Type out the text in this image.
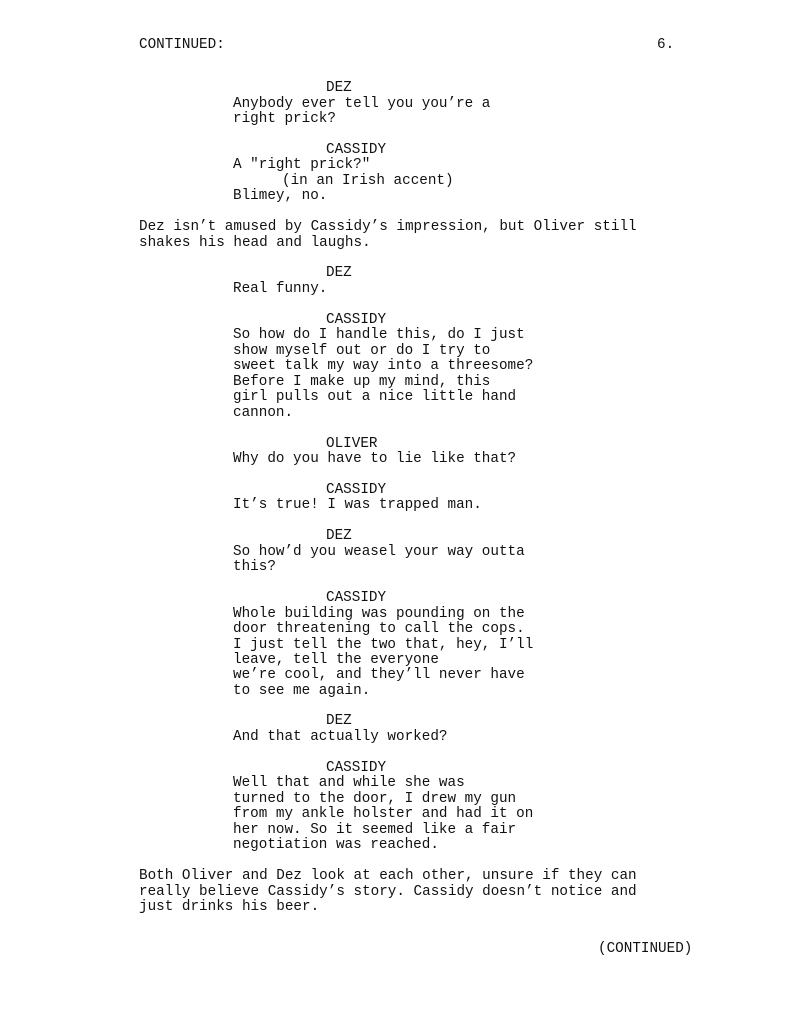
CONTINUED:	6.
DEZ
Anybody ever tell you you’re a
right prick?
CASSIDY
A "right prick?"
(in an Irish accent)
Blimey, no.
Dez isn’t amused by Cassidy’s impression, but Oliver still
shakes his head and laughs.
DEZ
Real funny.
CASSIDY
So how do I handle this, do I just
show myself out or do I try to
sweet talk my way into a threesome?
Before I make up my mind, this
girl pulls out a nice little hand
cannon.
OLIVER
Why do you have to lie like that?
CASSIDY
It’s true! I was trapped man.
DEZ
So how’d you weasel your way outta
this?
CASSIDY
Whole building was pounding on the
door threatening to call the cops.
I just tell the two that, hey, I’ll
leave, tell the everyone
we’re cool, and they’ll never have
to see me again.
DEZ
And that actually worked?
CASSIDY
Well that and while she was
turned to the door, I drew my gun
from my ankle holster and had it on
her now. So it seemed like a fair
negotiation was reached.
Both Oliver and Dez look at each other, unsure if they can
really believe Cassidy’s story. Cassidy doesn’t notice and
just drinks his beer.
(CONTINUED)
